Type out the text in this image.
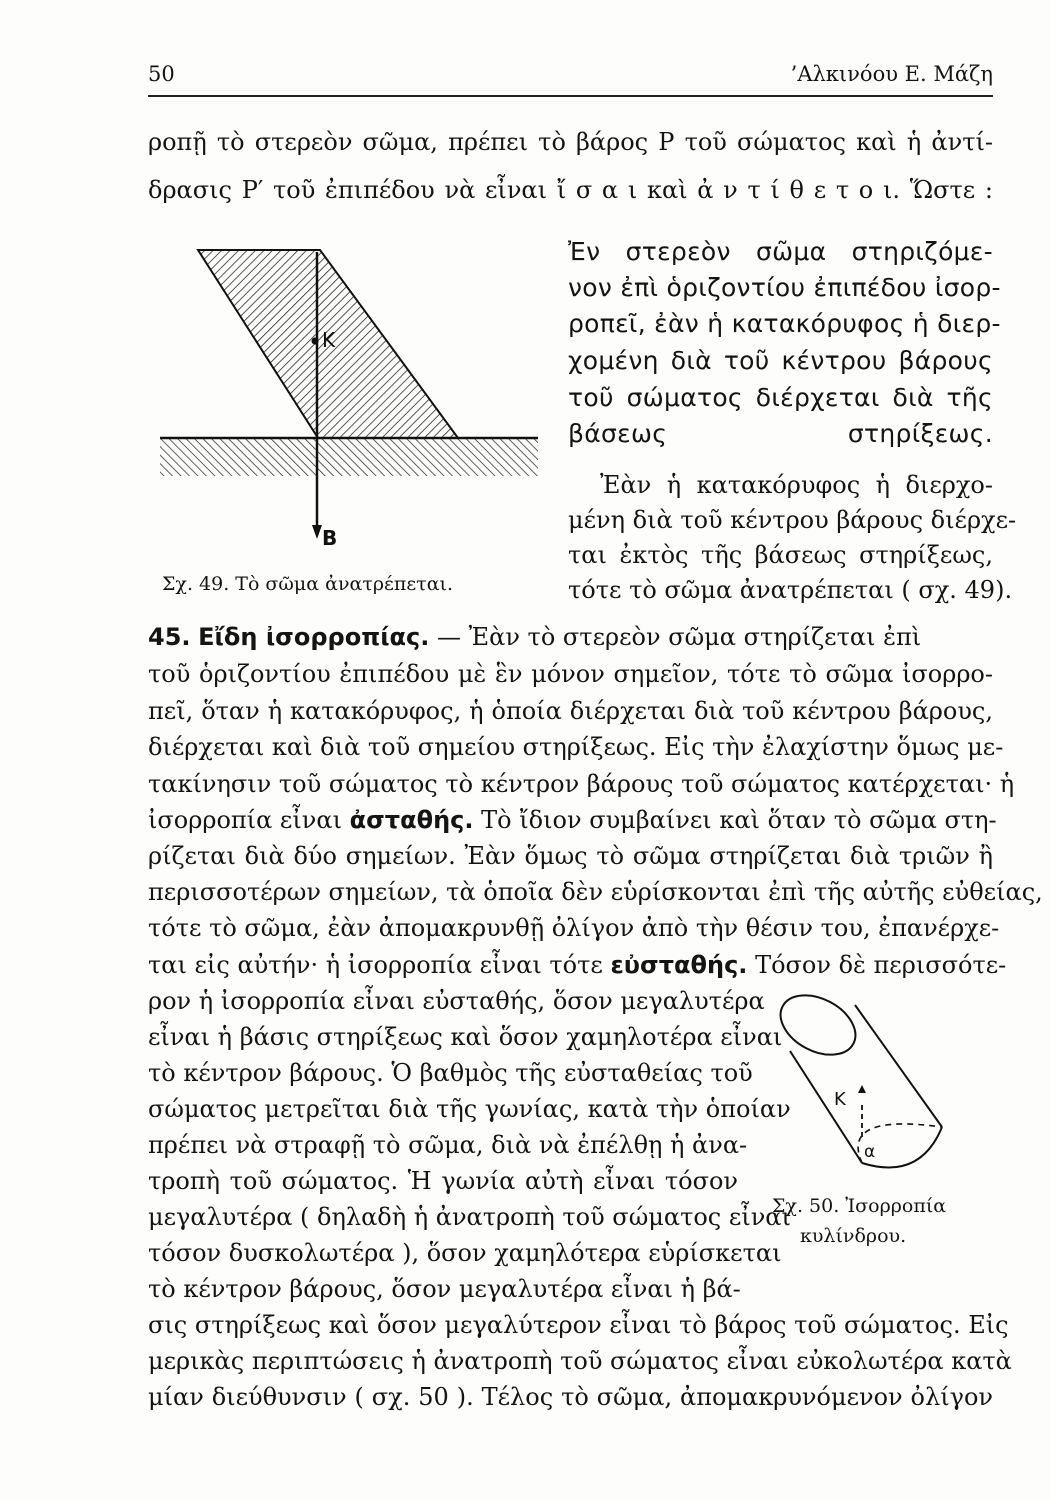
50	’Αλκινόου Ε. Μάζη
ροπῇ τὸ στερεὸν σῶμα, πρέπει τὸ βάρος Ρ τοῦ σώματος καὶ ἡ ἀντί-
δρασις Ρ′ τοῦ ἐπιπέδου νὰ εἶναι ἴ σ α ι καὶ ἀ ν τ ί θ ε τ ο ι. Ὥστε :
Κ
Β
Σχ. 49. Τὸ σῶμα ἀνατρέπεται.
Ἐν στερεὸν σῶμα στηριζόμε-
νον ἐπὶ ὁριζοντίου ἐπιπέδου ἰσορ-
ροπεῖ, ἐὰν ἡ κατακόρυφος ἡ διερ-
χομένη διὰ τοῦ κέντρου βάρους
τοῦ σώματος διέρχεται διὰ τῆς
βάσεως στηρίξεως.
Ἐὰν ἡ κατακόρυφος ἡ διερχο-
μένη διὰ τοῦ κέντρου βάρους διέρχε-
ται ἐκτὸς τῆς βάσεως στηρίξεως,
τότε τὸ σῶμα ἀνατρέπεται ( σχ. 49).
45. Εἴδη ἰσορροπίας. — Ἐὰν τὸ στερεὸν σῶμα στηρίζεται ἐπὶ
τοῦ ὁριζοντίου ἐπιπέδου μὲ ἓν μόνον σημεῖον, τότε τὸ σῶμα ἰσορρο-
πεῖ, ὅταν ἡ κατακόρυφος, ἡ ὁποία διέρχεται διὰ τοῦ κέντρου βάρους,
διέρχεται καὶ διὰ τοῦ σημείου στηρίξεως. Εἰς τὴν ἐλαχίστην ὅμως με-
τακίνησιν τοῦ σώματος τὸ κέντρον βάρους τοῦ σώματος κατέρχεται· ἡ
ἰσορροπία εἶναι ἀσταθής. Τὸ ἴδιον συμβαίνει καὶ ὅταν τὸ σῶμα στη-
ρίζεται διὰ δύο σημείων. Ἐὰν ὅμως τὸ σῶμα στηρίζεται διὰ τριῶν ἢ
περισσοτέρων σημείων, τὰ ὁποῖα δὲν εὑρίσκονται ἐπὶ τῆς αὐτῆς εὐθείας,
τότε τὸ σῶμα, ἐὰν ἀπομακρυνθῇ ὀλίγον ἀπὸ τὴν θέσιν του, ἐπανέρχε-
ται εἰς αὐτήν· ἡ ἰσορροπία εἶναι τότε εὐσταθής. Τόσον δὲ περισσότε-
ρον ἡ ἰσορροπία εἶναι εὐσταθής, ὅσον μεγαλυτέρα
εἶναι ἡ βάσις στηρίξεως καὶ ὅσον χαμηλοτέρα εἶναι
τὸ κέντρον βάρους. Ὁ βαθμὸς τῆς εὐσταθείας τοῦ
σώματος μετρεῖται διὰ τῆς γωνίας, κατὰ τὴν ὁποίαν
πρέπει νὰ στραφῇ τὸ σῶμα, διὰ νὰ ἐπέλθῃ ἡ ἀνα-
τροπὴ τοῦ σώματος. Ἡ γωνία αὐτὴ εἶναι τόσον
μεγαλυτέρα ( δηλαδὴ ἡ ἀνατροπὴ τοῦ σώματος εἶναι
τόσον δυσκολωτέρα ), ὅσον χαμηλότερα εὑρίσκεται
τὸ κέντρον βάρους, ὅσον μεγαλυτέρα εἶναι ἡ βά-
Κ
α
Σχ. 50. Ἰσορροπία
κυλίνδρου.
σις στηρίξεως καὶ ὅσον μεγαλύτερον εἶναι τὸ βάρος τοῦ σώματος. Εἰς
μερικὰς περιπτώσεις ἡ ἀνατροπὴ τοῦ σώματος εἶναι εὐκολωτέρα κατὰ
μίαν διεύθυνσιν ( σχ. 50 ). Τέλος τὸ σῶμα, ἀπομακρυνόμενον ὀλίγον
